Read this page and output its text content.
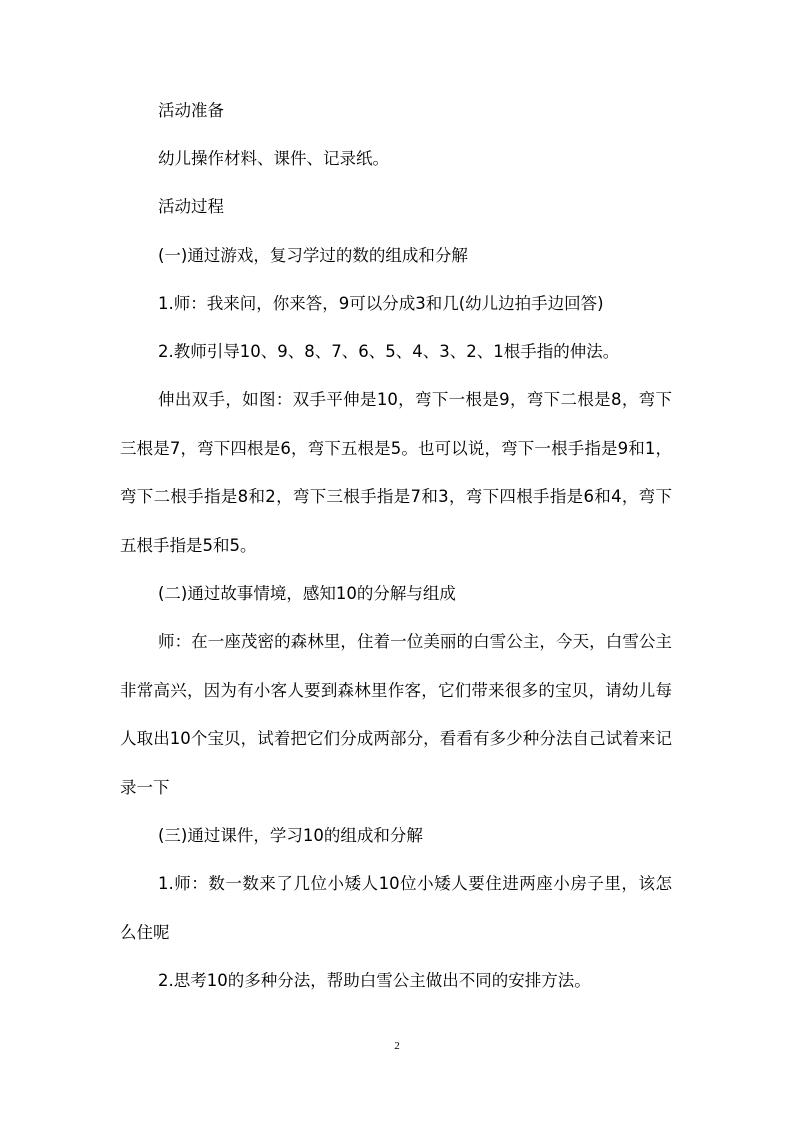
活动准备

幼儿操作材料、课件、记录纸。

活动过程

(一)通过游戏，复习学过的数的组成和分解

1.师：我来问，你来答，9可以分成3和几(幼儿边拍手边回答)

2.教师引导10、9、8、7、6、5、4、3、2、1根手指的伸法。

伸出双手，如图：双手平伸是10，弯下一根是9，弯下二根是8，弯下三根是7，弯下四根是6，弯下五根是5。也可以说，弯下一根手指是9和1，弯下二根手指是8和2，弯下三根手指是7和3，弯下四根手指是6和4，弯下五根手指是5和5。

(二)通过故事情境，感知10的分解与组成

师：在一座茂密的森林里，住着一位美丽的白雪公主，今天，白雪公主非常高兴，因为有小客人要到森林里作客，它们带来很多的宝贝，请幼儿每人取出10个宝贝，试着把它们分成两部分，看看有多少种分法自己试着来记录一下

(三)通过课件，学习10的组成和分解

1.师：数一数来了几位小矮人10位小矮人要住进两座小房子里，该怎么住呢

2.思考10的多种分法，帮助白雪公主做出不同的安排方法。

2
